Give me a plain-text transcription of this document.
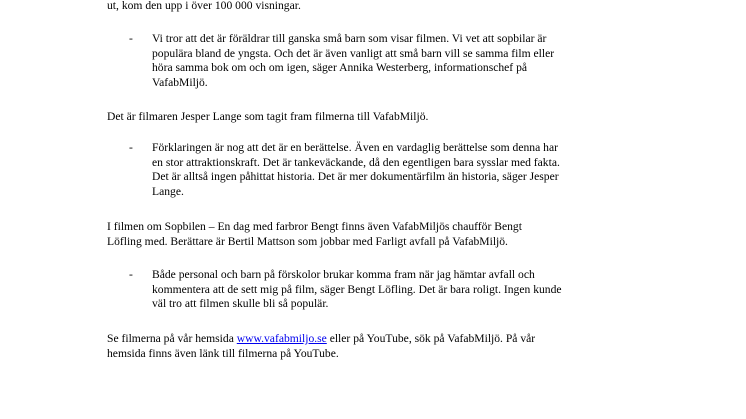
ut, kom den upp i över 100 000 visningar.

- Vi tror att det är föräldrar till ganska små barn som visar filmen. Vi vet att sopbilar är
populära bland de yngsta. Och det är även vanligt att små barn vill se samma film eller
höra samma bok om och om igen, säger Annika Westerberg, informationschef på
VafabMiljö.

Det är filmaren Jesper Lange som tagit fram filmerna till VafabMiljö.

- Förklaringen är nog att det är en berättelse. Även en vardaglig berättelse som denna har
en stor attraktionskraft. Det är tankeväckande, då den egentligen bara sysslar med fakta.
Det är alltså ingen påhittat historia. Det är mer dokumentärfilm än historia, säger Jesper
Lange.

I filmen om Sopbilen – En dag med farbror Bengt finns även VafabMiljös chaufför Bengt
Löfling med. Berättare är Bertil Mattson som jobbar med Farligt avfall på VafabMiljö.

- Både personal och barn på förskolor brukar komma fram när jag hämtar avfall och
kommentera att de sett mig på film, säger Bengt Löfling. Det är bara roligt. Ingen kunde
väl tro att filmen skulle bli så populär.

Se filmerna på vår hemsida www.vafabmiljo.se eller på YouTube, sök på VafabMiljö. På vår
hemsida finns även länk till filmerna på YouTube.
